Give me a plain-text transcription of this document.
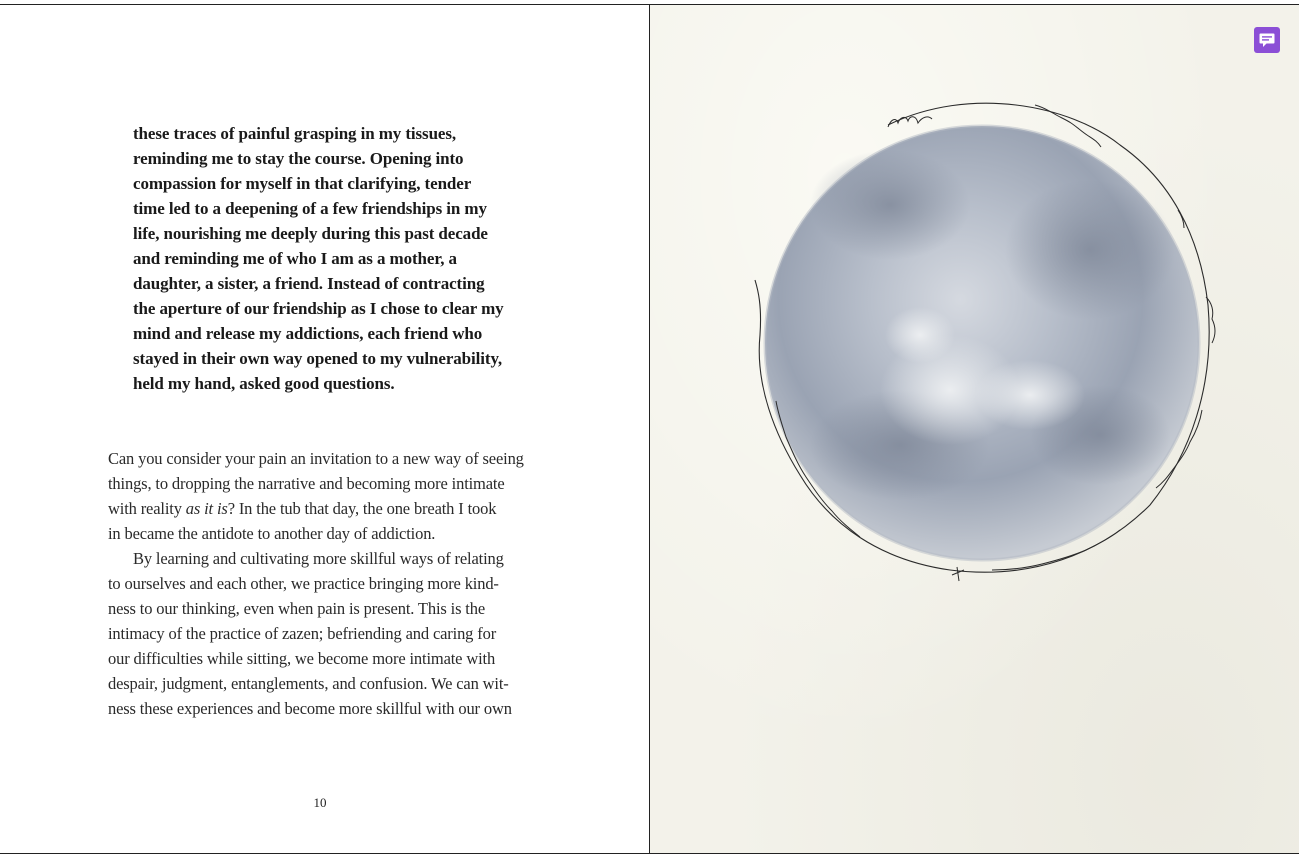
these traces of painful grasping in my tissues,
reminding me to stay the course. Opening into
compassion for myself in that clarifying, tender
time led to a deepening of a few friendships in my
life, nourishing me deeply during this past decade
and reminding me of who I am as a mother, a
daughter, a sister, a friend. Instead of contracting
the aperture of our friendship as I chose to clear my
mind and release my addictions, each friend who
stayed in their own way opened to my vulnerability,
held my hand, asked good questions.
Can you consider your pain an invitation to a new way of seeing
things, to dropping the narrative and becoming more intimate
with reality as it is? In the tub that day, the one breath I took
in became the antidote to another day of addiction.
By learning and cultivating more skillful ways of relating
to ourselves and each other, we practice bringing more kind-
ness to our thinking, even when pain is present. This is the
intimacy of the practice of zazen; befriending and caring for
our difficulties while sitting, we become more intimate with
despair, judgment, entanglements, and confusion. We can wit-
ness these experiences and become more skillful with our own
10
